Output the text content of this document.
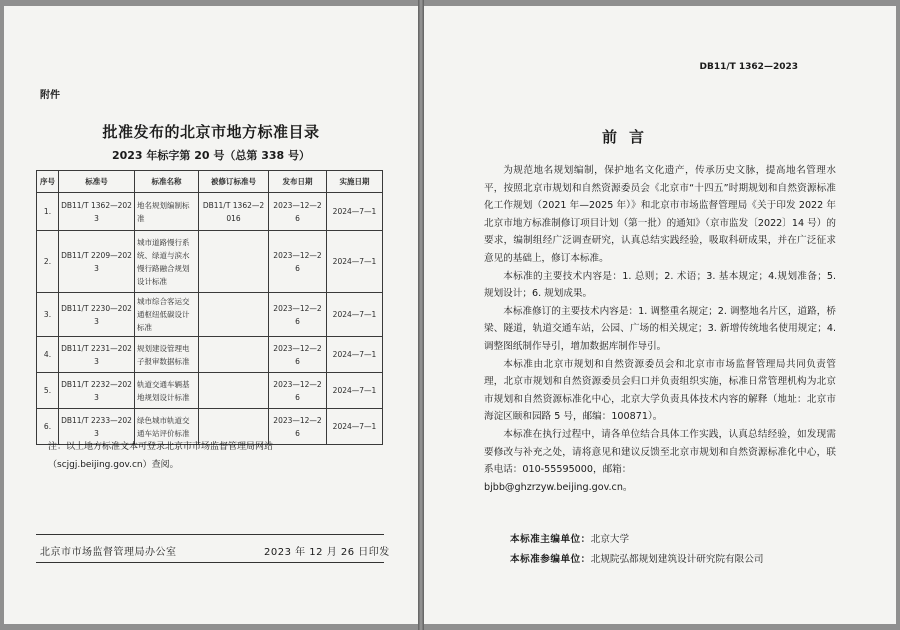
附件
批准发布的北京市地方标准目录
2023 年标字第 20 号（总第 338 号）
序号	标准号	标准名称	被修订标准号	发布日期	实施日期
1.	DB11/T 1362—2023	地名规划编制标准	DB11/T 1362—2016	2023—12—26	2024—7—1
2.	DB11/T 2209—2023	城市道路慢行系统、绿道与滨水慢行路融合规划设计标准		2023—12—26	2024—7—1
3.	DB11/T 2230—2023	城市综合客运交通枢纽低碳设计标准		2023—12—26	2024—7—1
4.	DB11/T 2231—2023	规划建设管理电子报审数据标准		2023—12—26	2024—7—1
5.	DB11/T 2232—2023	轨道交通车辆基地规划设计标准		2023—12—26	2024—7—1
6.	DB11/T 2233—2023	绿色城市轨道交通车站评价标准		2023—12—26	2024—7—1
注：以上地方标准文本可登录北京市市场监督管理局网站
（scjgj.beijing.gov.cn）查阅。
北京市市场监督管理局办公室	2023 年 12 月 26 日印发
DB11/T 1362—2023
前言

为规范地名规划编制，保护地名文化遗产，传承历史文脉，提高地名管理水平，按照北京市规划和自然资源委员会《北京市“十四五”时期规划和自然资源标准化工作规划（2021 年—2025 年）》和北京市市场监督管理局《关于印发 2022 年北京市地方标准制修订项目计划（第一批）的通知》（京市监发〔2022〕14 号）的要求，编制组经广泛调查研究，认真总结实践经验，吸取科研成果，并在广泛征求意见的基础上，修订本标准。

本标准的主要技术内容是：1. 总则；2. 术语；3. 基本规定；4.规划准备；5. 规划设计；6. 规划成果。

本标准修订的主要技术内容是：1. 调整重名规定；2. 调整地名片区，道路，桥梁、隧道，轨道交通车站，公园、广场的相关规定；3. 新增传统地名使用规定；4. 调整图纸制作导引，增加数据库制作导引。

本标准由北京市规划和自然资源委员会和北京市市场监督管理局共同负责管理，北京市规划和自然资源委员会归口并负责组织实施，标准日常管理机构为北京市规划和自然资源标准化中心，北京大学负责具体技术内容的解释（地址：北京市海淀区颐和园路 5 号，邮编：100871）。

本标准在执行过程中，请各单位结合具体工作实践，认真总结经验，如发现需要修改与补充之处，请将意见和建议反馈至北京市规划和自然资源标准化中心，联系电话：010-55595000，邮箱：

bjbb@ghzrzyw.beijing.gov.cn。

本标准主编单位：北京大学
本标准参编单位：北规院弘都规划建筑设计研究院有限公司
